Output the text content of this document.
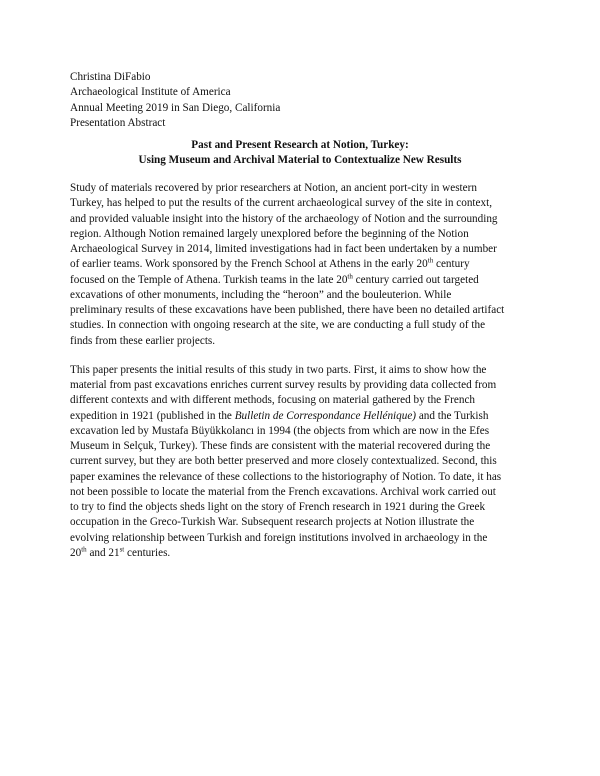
Christina DiFabio
Archaeological Institute of America
Annual Meeting 2019 in San Diego, California
Presentation Abstract
Past and Present Research at Notion, Turkey:
Using Museum and Archival Material to Contextualize New Results
Study of materials recovered by prior researchers at Notion, an ancient port-city in western
Turkey, has helped to put the results of the current archaeological survey of the site in context,
and provided valuable insight into the history of the archaeology of Notion and the surrounding
region. Although Notion remained largely unexplored before the beginning of the Notion
Archaeological Survey in 2014, limited investigations had in fact been undertaken by a number
of earlier teams. Work sponsored by the French School at Athens in the early 20th century
focused on the Temple of Athena. Turkish teams in the late 20th century carried out targeted
excavations of other monuments, including the “heroon” and the bouleuterion. While
preliminary results of these excavations have been published, there have been no detailed artifact
studies. In connection with ongoing research at the site, we are conducting a full study of the
finds from these earlier projects.
This paper presents the initial results of this study in two parts. First, it aims to show how the
material from past excavations enriches current survey results by providing data collected from
different contexts and with different methods, focusing on material gathered by the French
expedition in 1921 (published in the Bulletin de Correspondance Hellénique) and the Turkish
excavation led by Mustafa Büyükkolancı in 1994 (the objects from which are now in the Efes
Museum in Selçuk, Turkey). These finds are consistent with the material recovered during the
current survey, but they are both better preserved and more closely contextualized. Second, this
paper examines the relevance of these collections to the historiography of Notion. To date, it has
not been possible to locate the material from the French excavations. Archival work carried out
to try to find the objects sheds light on the story of French research in 1921 during the Greek
occupation in the Greco-Turkish War. Subsequent research projects at Notion illustrate the
evolving relationship between Turkish and foreign institutions involved in archaeology in the
20th and 21st centuries.
